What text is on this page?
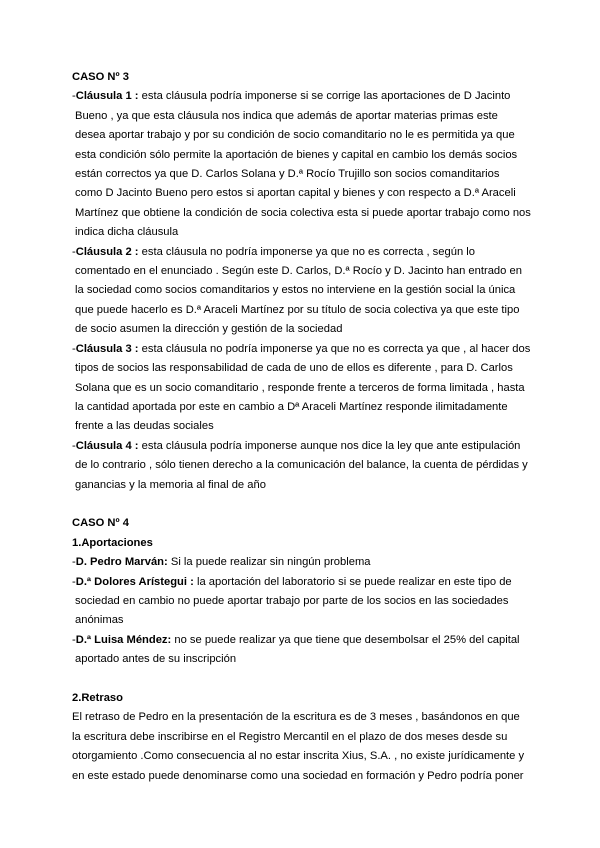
CASO Nº 3
-Cláusula 1 : esta cláusula podría imponerse si se corrige las aportaciones de D Jacinto
Bueno , ya que esta cláusula nos indica que además de aportar materias primas este
desea aportar trabajo y por su condición de socio comanditario no le es permitida ya que
esta condición sólo permite la aportación de bienes y capital en cambio los demás socios
están correctos ya que D. Carlos Solana y D.ª Rocío Trujillo son socios comanditarios
como D Jacinto Bueno pero estos si aportan capital y bienes y con respecto a D.ª Araceli
Martínez que obtiene la condición de socia colectiva esta si puede aportar trabajo como nos
indica dicha cláusula
-Cláusula 2 : esta cláusula no podría imponerse ya que no es correcta , según lo
comentado en el enunciado . Según este D. Carlos, D.ª Rocío y D. Jacinto han entrado en
la sociedad como socios comanditarios y estos no interviene en la gestión social la única
que puede hacerlo es D.ª Araceli Martínez por su título de socia colectiva ya que este tipo
de socio asumen la dirección y gestión de la sociedad
-Cláusula 3 : esta cláusula no podría imponerse ya que no es correcta ya que , al hacer dos
tipos de socios las responsabilidad de cada de uno de ellos es diferente , para D. Carlos
Solana que es un socio comanditario , responde frente a terceros de forma limitada , hasta
la cantidad aportada por este en cambio a Dª Araceli Martínez responde ilimitadamente
frente a las deudas sociales
-Cláusula 4 : esta cláusula podría imponerse aunque nos dice la ley que ante estipulación
de lo contrario , sólo tienen derecho a la comunicación del balance, la cuenta de pérdidas y
ganancias y la memoria al final de año
CASO Nº 4
1.Aportaciones
-D. Pedro Marván: Si la puede realizar sin ningún problema
-D.ª Dolores Arístegui : la aportación del laboratorio si se puede realizar en este tipo de
sociedad en cambio no puede aportar trabajo por parte de los socios en las sociedades
anónimas
-D.ª Luisa Méndez: no se puede realizar ya que tiene que desembolsar el 25% del capital
aportado antes de su inscripción
2.Retraso
El retraso de Pedro en la presentación de la escritura es de 3 meses , basándonos en que
la escritura debe inscribirse en el Registro Mercantil en el plazo de dos meses desde su
otorgamiento .Como consecuencia al no estar inscrita Xius, S.A. , no existe jurídicamente y
en este estado puede denominarse como una sociedad en formación y Pedro podría poner
